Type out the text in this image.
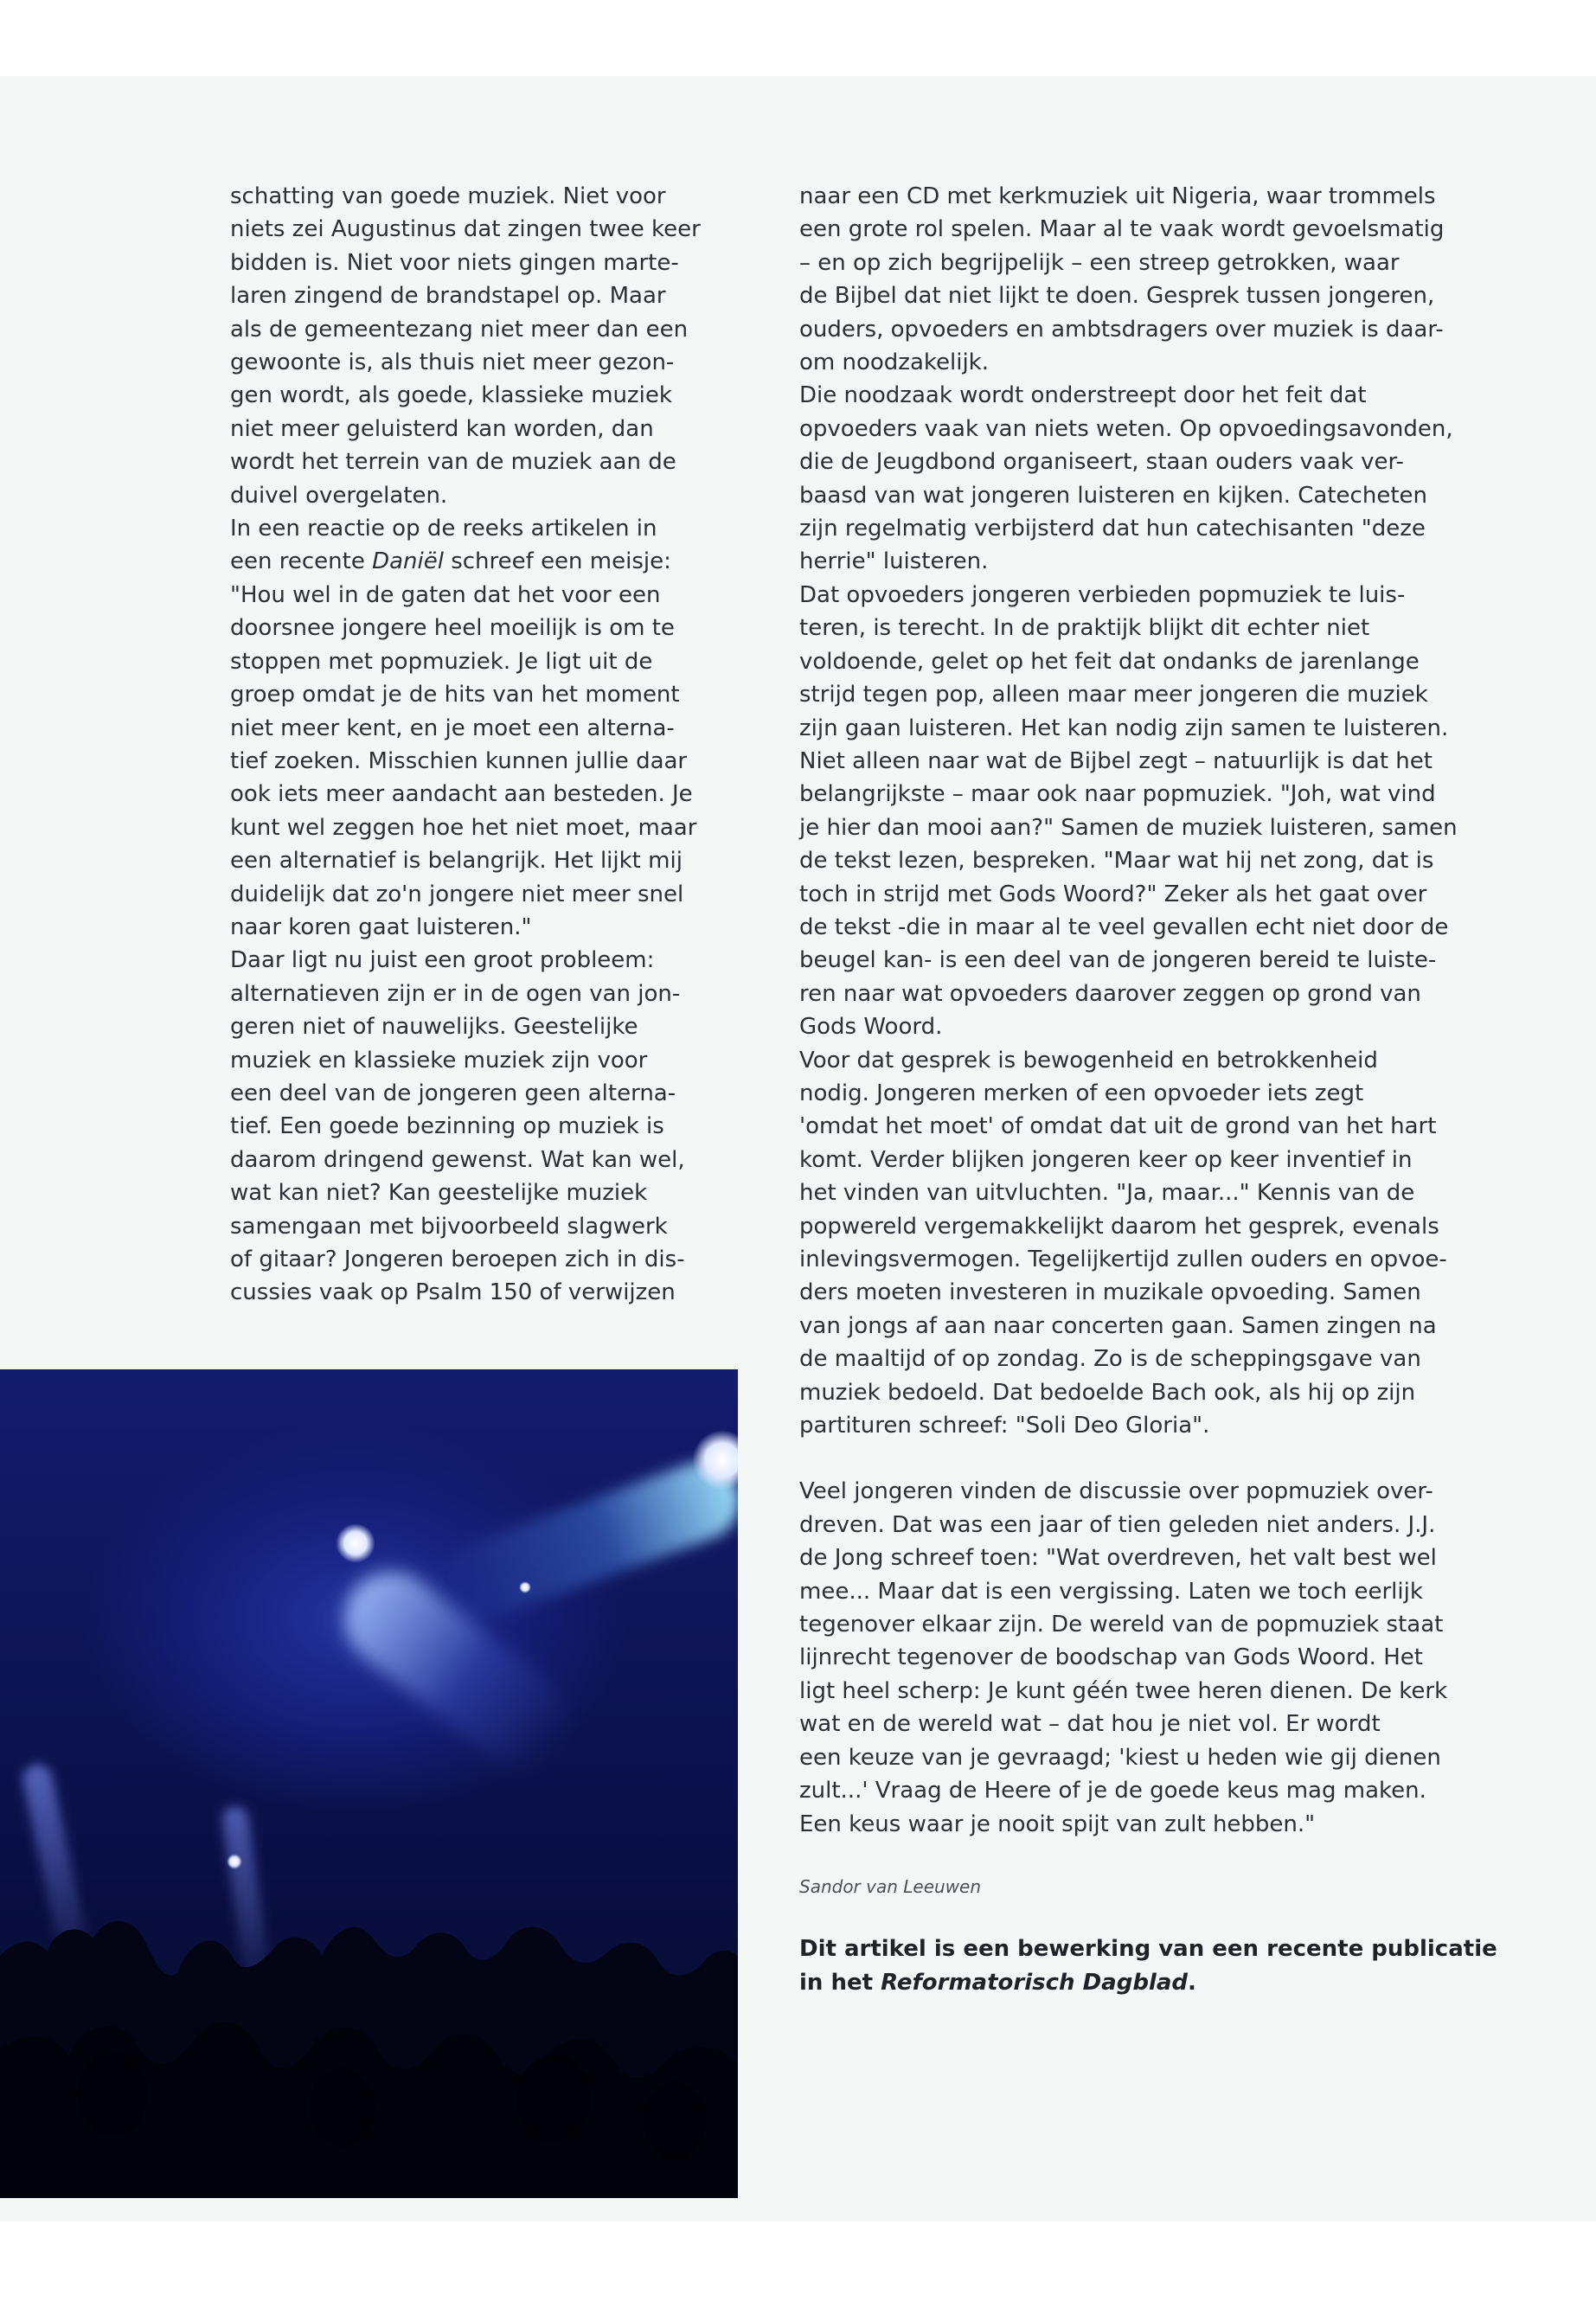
schatting van goede muziek. Niet voor
niets zei Augustinus dat zingen twee keer
bidden is. Niet voor niets gingen marte-
laren zingend de brandstapel op. Maar
als de gemeentezang niet meer dan een
gewoonte is, als thuis niet meer gezon-
gen wordt, als goede, klassieke muziek
niet meer geluisterd kan worden, dan
wordt het terrein van de muziek aan de
duivel overgelaten.

In een reactie op de reeks artikelen in
een recente Daniël schreef een meisje:
"Hou wel in de gaten dat het voor een
doorsnee jongere heel moeilijk is om te
stoppen met popmuziek. Je ligt uit de
groep omdat je de hits van het moment
niet meer kent, en je moet een alterna-
tief zoeken. Misschien kunnen jullie daar
ook iets meer aandacht aan besteden. Je
kunt wel zeggen hoe het niet moet, maar
een alternatief is belangrijk. Het lijkt mij
duidelijk dat zo'n jongere niet meer snel
naar koren gaat luisteren."

Daar ligt nu juist een groot probleem:
alternatieven zijn er in de ogen van jon-
geren niet of nauwelijks. Geestelijke
muziek en klassieke muziek zijn voor
een deel van de jongeren geen alterna-
tief. Een goede bezinning op muziek is
daarom dringend gewenst. Wat kan wel,
wat kan niet? Kan geestelijke muziek
samengaan met bijvoorbeeld slagwerk
of gitaar? Jongeren beroepen zich in dis-
cussies vaak op Psalm 150 of verwijzen

naar een CD met kerkmuziek uit Nigeria, waar trommels
een grote rol spelen. Maar al te vaak wordt gevoelsmatig
– en op zich begrijpelijk – een streep getrokken, waar
de Bijbel dat niet lijkt te doen. Gesprek tussen jongeren,
ouders, opvoeders en ambtsdragers over muziek is daar-
om noodzakelijk.

Die noodzaak wordt onderstreept door het feit dat
opvoeders vaak van niets weten. Op opvoedingsavonden,
die de Jeugdbond organiseert, staan ouders vaak ver-
baasd van wat jongeren luisteren en kijken. Catecheten
zijn regelmatig verbijsterd dat hun catechisanten "deze
herrie" luisteren.

Dat opvoeders jongeren verbieden popmuziek te luis-
teren, is terecht. In de praktijk blijkt dit echter niet
voldoende, gelet op het feit dat ondanks de jarenlange
strijd tegen pop, alleen maar meer jongeren die muziek
zijn gaan luisteren. Het kan nodig zijn samen te luisteren.
Niet alleen naar wat de Bijbel zegt – natuurlijk is dat het
belangrijkste – maar ook naar popmuziek. "Joh, wat vind
je hier dan mooi aan?" Samen de muziek luisteren, samen
de tekst lezen, bespreken. "Maar wat hij net zong, dat is
toch in strijd met Gods Woord?" Zeker als het gaat over
de tekst -die in maar al te veel gevallen echt niet door de
beugel kan- is een deel van de jongeren bereid te luiste-
ren naar wat opvoeders daarover zeggen op grond van
Gods Woord.

Voor dat gesprek is bewogenheid en betrokkenheid
nodig. Jongeren merken of een opvoeder iets zegt
'omdat het moet' of omdat dat uit de grond van het hart
komt. Verder blijken jongeren keer op keer inventief in
het vinden van uitvluchten. "Ja, maar..." Kennis van de
popwereld vergemakkelijkt daarom het gesprek, evenals
inlevingsvermogen. Tegelijkertijd zullen ouders en opvoe-
ders moeten investeren in muzikale opvoeding. Samen
van jongs af aan naar concerten gaan. Samen zingen na
de maaltijd of op zondag. Zo is de scheppingsgave van
muziek bedoeld. Dat bedoelde Bach ook, als hij op zijn
partituren schreef: "Soli Deo Gloria".

Veel jongeren vinden de discussie over popmuziek over-
dreven. Dat was een jaar of tien geleden niet anders. J.J.
de Jong schreef toen: "Wat overdreven, het valt best wel
mee... Maar dat is een vergissing. Laten we toch eerlijk
tegenover elkaar zijn. De wereld van de popmuziek staat
lijnrecht tegenover de boodschap van Gods Woord. Het
ligt heel scherp: Je kunt géén twee heren dienen. De kerk
wat en de wereld wat – dat hou je niet vol. Er wordt
een keuze van je gevraagd; 'kiest u heden wie gij dienen
zult...' Vraag de Heere of je de goede keus mag maken.
Een keus waar je nooit spijt van zult hebben."

Sandor van Leeuwen

Dit artikel is een bewerking van een recente publicatie
in het Reformatorisch Dagblad.
